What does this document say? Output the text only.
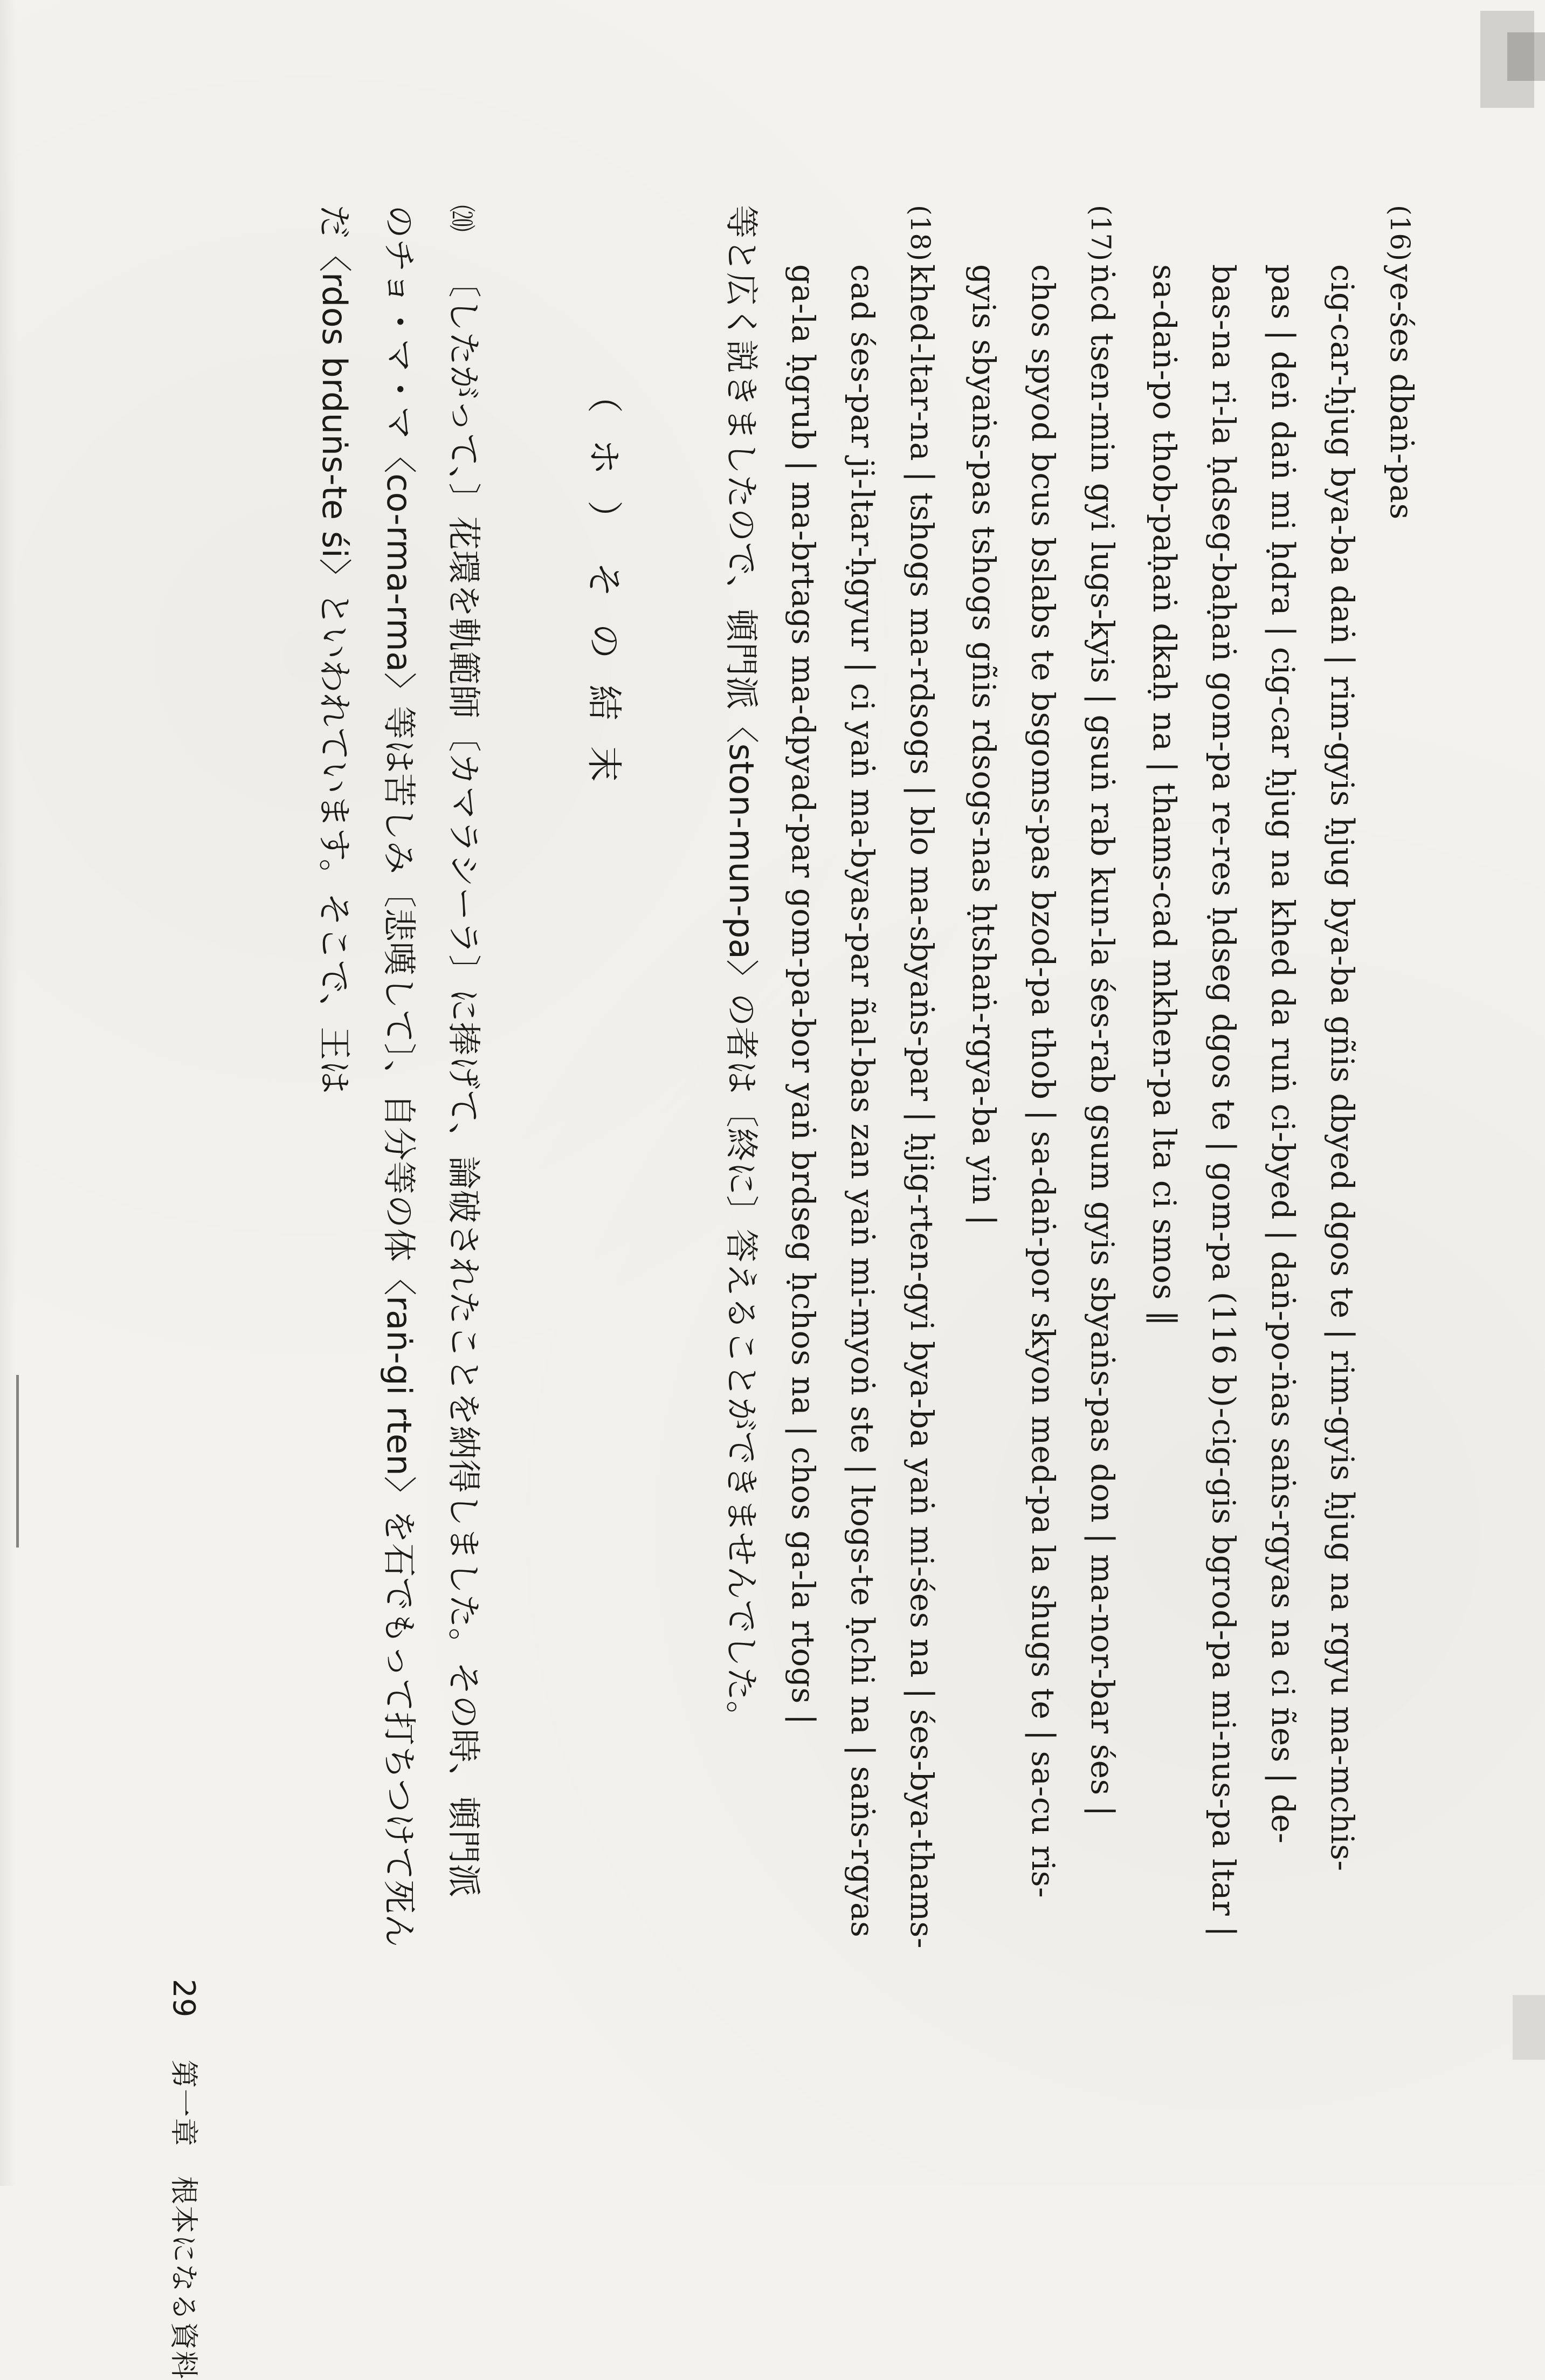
(16)ye-śes dbaṅ-pas
cig-car-ḥjug bya-ba daṅ | rim-gyis ḥjug bya-ba gñis dbyed dgos te | rim-gyis ḥjug na rgyu ma-mchis-
pas | deṅ daṅ mi ḥdra | cig-car ḥjug na khed da ruṅ ci-byed | daṅ-po-ṅas saṅs-rgyas na ci ñes | de-
bas-na ri-la ḥdseg-baḥaṅ gom-pa re-res ḥdseg dgos te | gom-pa (116 b)-cig-gis bgrod-pa mi-nus-pa ltar |
sa-daṅ-po thob-paḥaṅ dkaḥ na | thams-cad mkhen-pa lta ci smos ‖
(17)ṅcd tsen-min gyi lugs-kyis | gsuṅ rab kun-la śes-rab gsum gyis sbyaṅs-pas don | ma-nor-bar śes |
chos spyod bcus bslabs te bsgoms-pas bzod-pa thob | sa-daṅ-por skyon med-pa la shugs te | sa-cu ris-
gyis sbyaṅs-pas tshogs gñis rdsogs-nas ḥtshaṅ-rgya-ba yin |
(18)khed-ltar-na | tshogs ma-rdsogs | blo ma-sbyaṅs-par | ḥjig-rten-gyi bya-ba yaṅ mi-śes na | śes-bya-thams-
cad śes-par ji-ltar-ḥgyur | ci yaṅ ma-byas-par ñal-bas zan yaṅ mi-myoṅ ste | ltogs-te ḥchi na | saṅs-rgyas
ga-la ḥgrub | ma-brtags ma-dpyad-par gom-pa-bor yaṅ brdseg ḥchos na | chos ga-la rtogs |
等と広く説きましたので、頓門派〈ston-mun-pa〉の者は〔終に〕答えることができませんでした。
（ホ）その結末
⒇〔したがって、〕花環を軌範師〔カマラシーラ〕に捧げて、論破されたことを納得しました。その時、頓門派
のチョ・マ・マ〈co-rma-rma〉等は苦しみ〔悲嘆して〕、自分等の体〈raṅ-gi rten〉を石でもって打ちつけて死ん
だ〈rdos brduṅs-te śi〉といわれています。そこで、王は
29
第一章　根本になる資料
